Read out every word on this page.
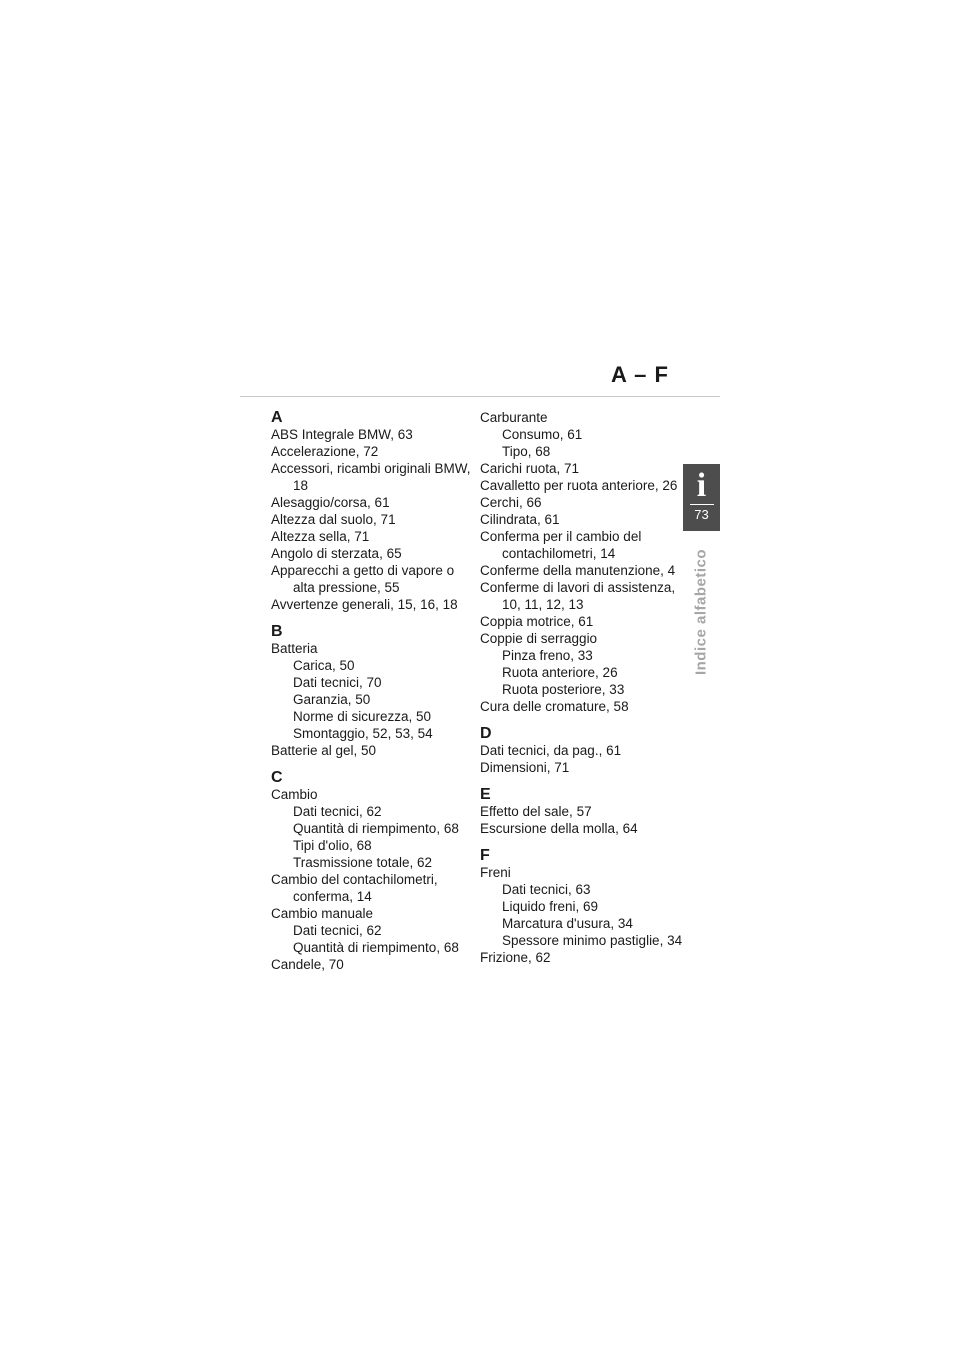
A – F
i
73
Indice alfabetico
A
ABS Integrale BMW, 63
Accelerazione, 72
Accessori, ricambi originali BMW, 18
Alesaggio/corsa, 61
Altezza dal suolo, 71
Altezza sella, 71
Angolo di sterzata, 65
Apparecchi a getto di vapore o alta pressione, 55
Avvertenze generali, 15, 16, 18
B
Batteria
Carica, 50
Dati tecnici, 70
Garanzia, 50
Norme di sicurezza, 50
Smontaggio, 52, 53, 54
Batterie al gel, 50
C
Cambio
Dati tecnici, 62
Quantità di riempimento, 68
Tipi d'olio, 68
Trasmissione totale, 62
Cambio del contachilometri, conferma, 14
Cambio manuale
Dati tecnici, 62
Quantità di riempimento, 68
Candele, 70
Carburante
Consumo, 61
Tipo, 68
Carichi ruota, 71
Cavalletto per ruota anteriore, 26
Cerchi, 66
Cilindrata, 61
Conferma per il cambio del contachilometri, 14
Conferme della manutenzione, 4
Conferme di lavori di assistenza, 10, 11, 12, 13
Coppia motrice, 61
Coppie di serraggio
Pinza freno, 33
Ruota anteriore, 26
Ruota posteriore, 33
Cura delle cromature, 58
D
Dati tecnici, da pag., 61
Dimensioni, 71
E
Effetto del sale, 57
Escursione della molla, 64
F
Freni
Dati tecnici, 63
Liquido freni, 69
Marcatura d'usura, 34
Spessore minimo pastiglie, 34
Frizione, 62
